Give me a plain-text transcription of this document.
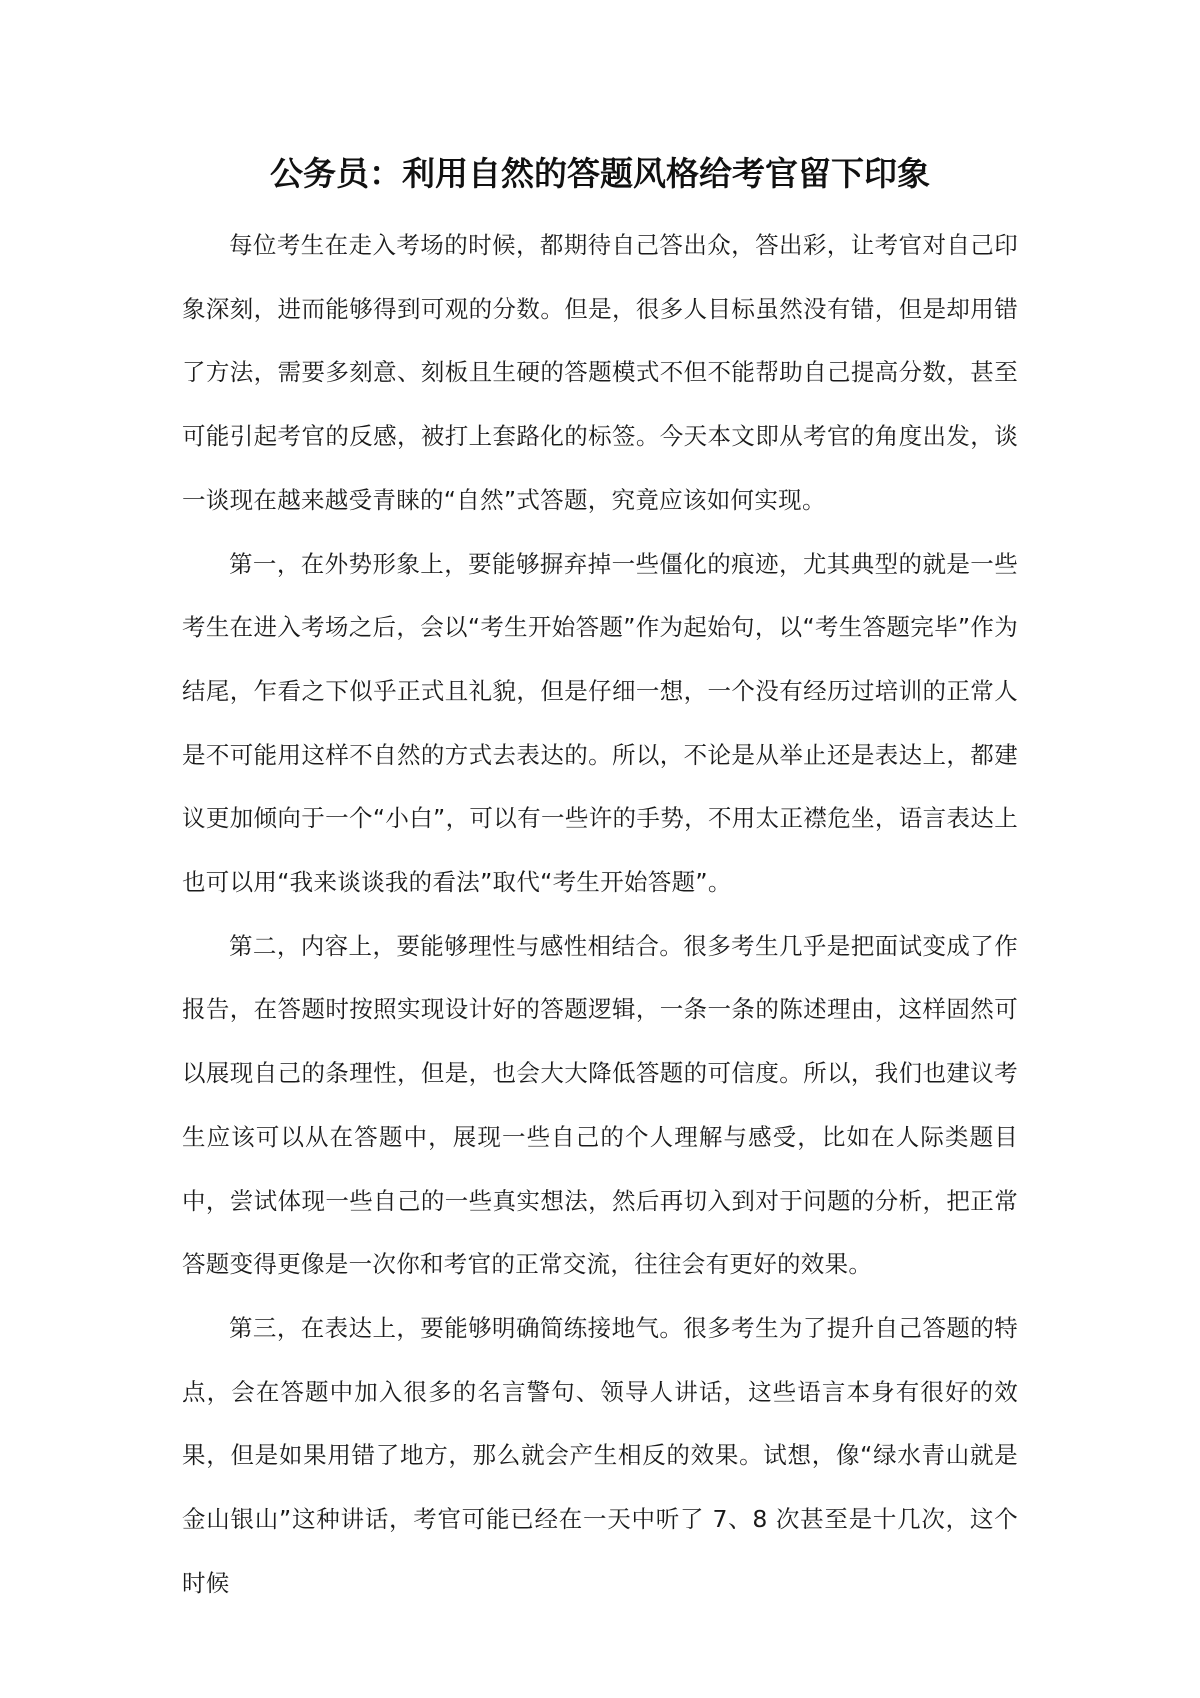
公务员：利用自然的答题风格给考官留下印象

每位考生在走入考场的时候，都期待自己答出众，答出彩，让考官对自己印象深刻，进而能够得到可观的分数。但是，很多人目标虽然没有错，但是却用错了方法，需要多刻意、刻板且生硬的答题模式不但不能帮助自己提高分数，甚至可能引起考官的反感，被打上套路化的标签。今天本文即从考官的角度出发，谈一谈现在越来越受青睐的“自然”式答题，究竟应该如何实现。

第一，在外势形象上，要能够摒弃掉一些僵化的痕迹，尤其典型的就是一些考生在进入考场之后，会以“考生开始答题”作为起始句，以“考生答题完毕”作为结尾，乍看之下似乎正式且礼貌，但是仔细一想，一个没有经历过培训的正常人是不可能用这样不自然的方式去表达的。所以，不论是从举止还是表达上，都建议更加倾向于一个“小白”，可以有一些许的手势，不用太正襟危坐，语言表达上也可以用“我来谈谈我的看法”取代“考生开始答题”。

第二，内容上，要能够理性与感性相结合。很多考生几乎是把面试变成了作报告，在答题时按照实现设计好的答题逻辑，一条一条的陈述理由，这样固然可以展现自己的条理性，但是，也会大大降低答题的可信度。所以，我们也建议考生应该可以从在答题中，展现一些自己的个人理解与感受，比如在人际类题目中，尝试体现一些自己的一些真实想法，然后再切入到对于问题的分析，把正常答题变得更像是一次你和考官的正常交流，往往会有更好的效果。

第三，在表达上，要能够明确简练接地气。很多考生为了提升自己答题的特点，会在答题中加入很多的名言警句、领导人讲话，这些语言本身有很好的效果，但是如果用错了地方，那么就会产生相反的效果。试想，像“绿水青山就是金山银山”这种讲话，考官可能已经在一天中听了 7、8 次甚至是十几次，这个时候
